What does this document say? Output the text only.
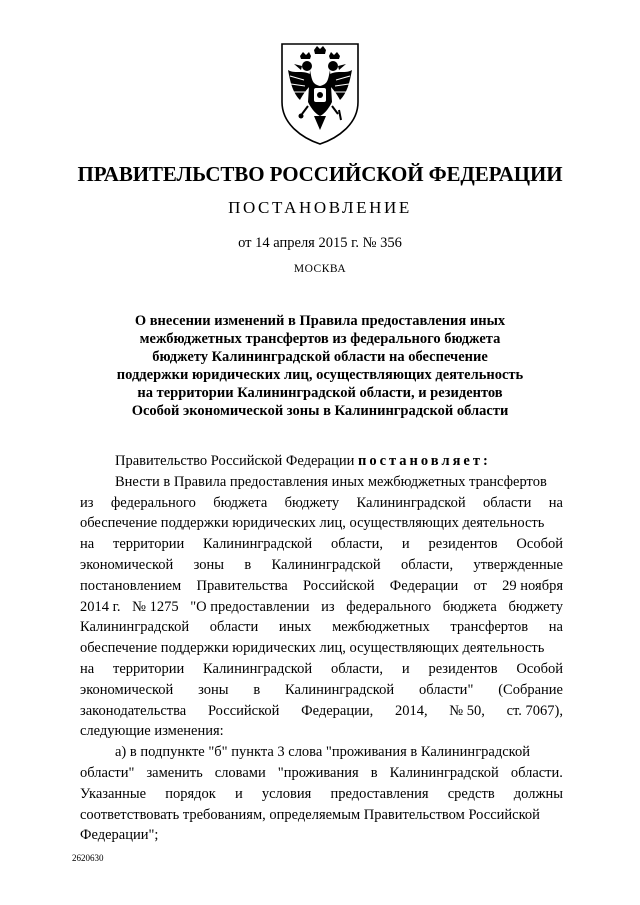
ПРАВИТЕЛЬСТВО РОССИЙСКОЙ ФЕДЕРАЦИИ
ПОСТАНОВЛЕНИЕ
от 14 апреля 2015 г. № 356
МОСКВА
О внесении изменений в Правила предоставления иных
межбюджетных трансфертов из федерального бюджета
бюджету Калининградской области на обеспечение
поддержки юридических лиц, осуществляющих деятельность
на территории Калининградской области, и резидентов
Особой экономической зоны в Калининградской области
Правительство Российской Федерации постановляет:
Внести в Правила предоставления иных межбюджетных трансфертов
из федерального бюджета бюджету Калининградской области на
обеспечение поддержки юридических лиц, осуществляющих деятельность
на территории Калининградской области, и резидентов Особой
экономической зоны в Калининградской области, утвержденные
постановлением Правительства Российской Федерации от 29 ноября
2014 г. № 1275 "О предоставлении из федерального бюджета бюджету
Калининградской области иных межбюджетных трансфертов на
обеспечение поддержки юридических лиц, осуществляющих деятельность
на территории Калининградской области, и резидентов Особой
экономической зоны в Калининградской области" (Собрание
законодательства Российской Федерации, 2014, № 50, ст. 7067),
следующие изменения:
а) в подпункте "б" пункта 3 слова "проживания в Калининградской
области" заменить словами "проживания в Калининградской области.
Указанные порядок и условия предоставления средств должны
соответствовать требованиям, определяемым Правительством Российской
Федерации";
2620630
